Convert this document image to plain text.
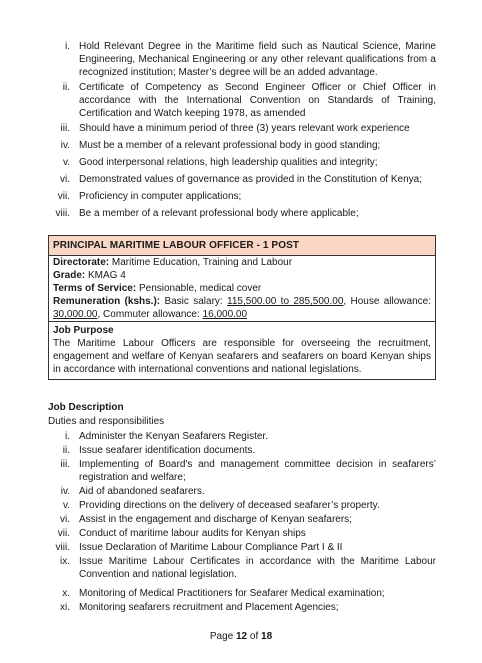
i. Hold Relevant Degree in the Maritime field such as Nautical Science, Marine Engineering, Mechanical Engineering or any other relevant qualifications from a recognized institution; Master’s degree will be an added advantage.
ii. Certificate of Competency as Second Engineer Officer or Chief Officer in accordance with the International Convention on Standards of Training, Certification and Watch keeping 1978, as amended
iii. Should have a minimum period of three (3) years relevant work experience
iv. Must be a member of a relevant professional body in good standing;
v. Good interpersonal relations, high leadership qualities and integrity;
vi. Demonstrated values of governance as provided in the Constitution of Kenya;
vii. Proficiency in computer applications;
viii. Be a member of a relevant professional body where applicable;
PRINCIPAL MARITIME LABOUR OFFICER - 1 POST
Directorate: Maritime Education, Training and Labour
Grade: KMAG 4
Terms of Service: Pensionable, medical cover
Remuneration (kshs.): Basic salary: 115,500.00 to 285,500.00, House allowance: 30,000.00, Commuter allowance: 16,000.00
Job Purpose
The Maritime Labour Officers are responsible for overseeing the recruitment, engagement and welfare of Kenyan seafarers and seafarers on board Kenyan ships in accordance with international conventions and national legislations.
Job Description
Duties and responsibilities
i. Administer the Kenyan Seafarers Register.
ii. Issue seafarer identification documents.
iii. Implementing of Board’s and management committee decision in seafarers’ registration and welfare;
iv. Aid of abandoned seafarers.
v. Providing directions on the delivery of deceased seafarer’s property.
vi. Assist in the engagement and discharge of Kenyan seafarers;
vii. Conduct of maritime labour audits for Kenyan ships
viii. Issue Declaration of Maritime Labour Compliance Part I & II
ix. Issue Maritime Labour Certificates in accordance with the Maritime Labour Convention and national legislation.
x. Monitoring of Medical Practitioners for Seafarer Medical examination;
xi. Monitoring seafarers recruitment and Placement Agencies;
Page 12 of 18
